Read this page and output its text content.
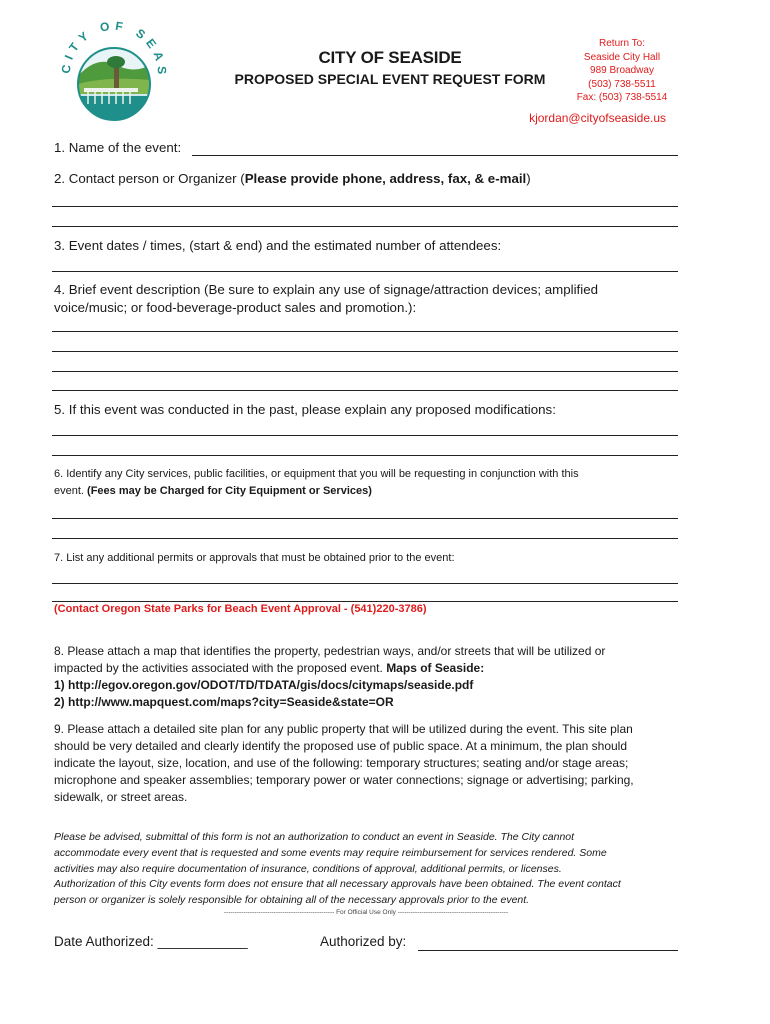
CITY OF SEAS
CITY OF SEASIDE
PROPOSED SPECIAL EVENT REQUEST FORM
Return To:
Seaside City Hall
989 Broadway
(503) 738-5511
Fax: (503) 738-5514
kjordan@cityofseaside.us
1. Name of the event:
2. Contact person or Organizer (Please provide phone, address, fax, & e-mail)
3. Event dates / times, (start & end) and the estimated number of attendees:
4. Brief event description (Be sure to explain any use of signage/attraction devices; amplified
voice/music; or food-beverage-product sales and promotion.):
5. If this event was conducted in the past, please explain any proposed modifications:
6. Identify any City services, public facilities, or equipment that you will be requesting in conjunction with this
event. (Fees may be Charged for City Equipment or Services)
7. List any additional permits or approvals that must be obtained prior to the event:
(Contact Oregon State Parks for Beach Event Approval - (541)220-3786)
8. Please attach a map that identifies the property, pedestrian ways, and/or streets that will be utilized or
impacted by the activities associated with the proposed event. Maps of Seaside:
1) http://egov.oregon.gov/ODOT/TD/TDATA/gis/docs/citymaps/seaside.pdf
2) http://www.mapquest.com/maps?city=Seaside&state=OR
9. Please attach a detailed site plan for any public property that will be utilized during the event. This site plan
should be very detailed and clearly identify the proposed use of public space. At a minimum, the plan should
indicate the layout, size, location, and use of the following: temporary structures; seating and/or stage areas;
microphone and speaker assemblies; temporary power or water connections; signage or advertising; parking,
sidewalk, or street areas.
Please be advised, submittal of this form is not an authorization to conduct an event in Seaside. The City cannot
accommodate every event that is requested and some events may require reimbursement for services rendered. Some
activities may also require documentation of insurance, conditions of approval, additional permits, or licenses.
Authorization of this City events form does not ensure that all necessary approvals have been obtained. The event contact
person or organizer is solely responsible for obtaining all of the necessary approvals prior to the event.
--------------------------------------------------- For Official Use Only ---------------------------------------------------
Date Authorized: ____________	Authorized by:
